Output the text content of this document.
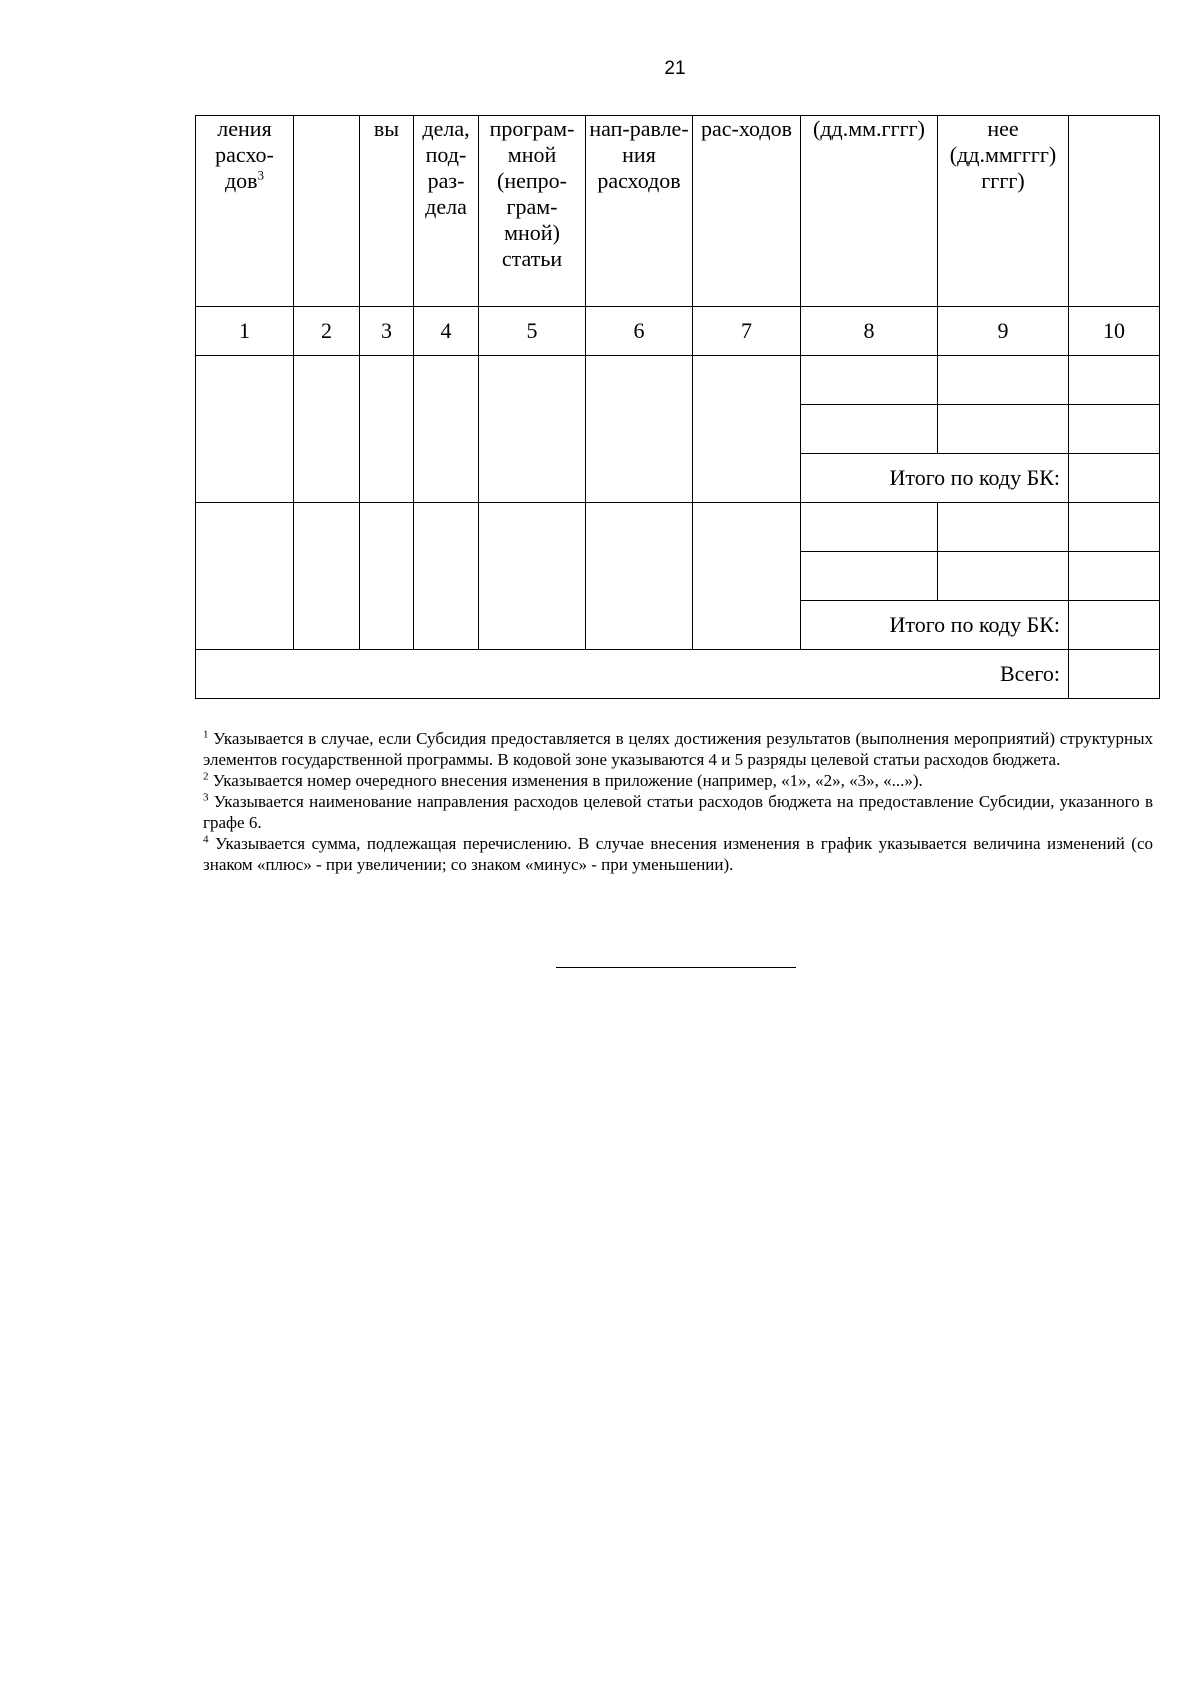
21
ления расхо-дов$^3$		вы	дела, под-раз-дела	програм-мной (непро-грам-мной) статьи	нап-равле-ния расходов	рас-ходов	(дд.мм.гггг)	нее (дд.ммгггг) гггг)	
1	2	3	4	5	6	7	8	9	10

							Итого по коду БК:		

							Итого по коду БК:		
Всего:									

$^1$ Указывается в случае, если Субсидия предоставляется в целях достижения результатов (выполнения мероприятий) структурных элементов государственной программы. В кодовой зоне указываются 4 и 5 разряды целевой статьи расходов бюджета.

$^2$ Указывается номер очередного внесения изменения в приложение (например, «1», «2», «3», «...»).

$^3$ Указывается наименование направления расходов целевой статьи расходов бюджета на предоставление Субсидии, указанного в графе 6.

$^4$ Указывается сумма, подлежащая перечислению. В случае внесения изменения в график указывается величина изменений (со знаком «плюс» - при увеличении; со знаком «минус» - при уменьшении).
